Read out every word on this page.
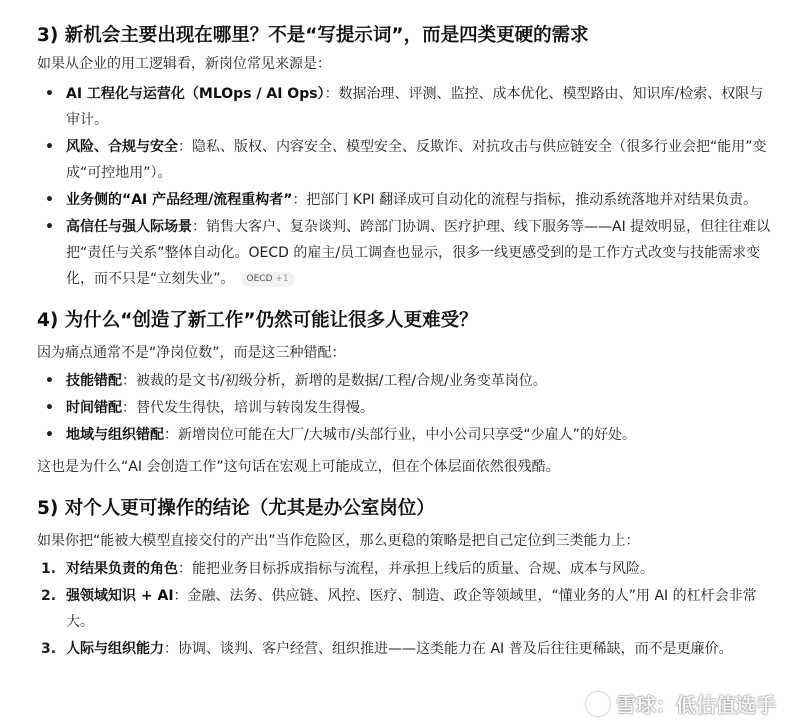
3) 新机会主要出现在哪里？不是“写提示词”，而是四类更硬的需求

如果从企业的用工逻辑看，新岗位常见来源是：

• AI 工程化与运营化（MLOps / AI Ops）：数据治理、评测、监控、成本优化、模型路由、知识库/检索、权限与审计。
• 风险、合规与安全：隐私、版权、内容安全、模型安全、反欺诈、对抗攻击与供应链安全（很多行业会把“能用”变成“可控地用”）。
• 业务侧的“AI 产品经理/流程重构者”：把部门 KPI 翻译成可自动化的流程与指标，推动系统落地并对结果负责。
• 高信任与强人际场景：销售大客户、复杂谈判、跨部门协调、医疗护理、线下服务等——AI 提效明显，但往往难以把“责任与关系”整体自动化。OECD 的雇主/员工调查也显示，很多一线更感受到的是工作方式改变与技能需求变化，而不只是“立刻失业”。 OECD +1
4) 为什么“创造了新工作”仍然可能让很多人更难受？

因为痛点通常不是“净岗位数”，而是这三种错配：

• 技能错配：被裁的是文书/初级分析，新增的是数据/工程/合规/业务变革岗位。
• 时间错配：替代发生得快，培训与转岗发生得慢。
• 地域与组织错配：新增岗位可能在大厂/大城市/头部行业，中小公司只享受“少雇人”的好处。

这也是为什么“AI 会创造工作”这句话在宏观上可能成立，但在个体层面依然很残酷。

5) 对个人更可操作的结论（尤其是办公室岗位）

如果你把“能被大模型直接交付的产出”当作危险区，那么更稳的策略是把自己定位到三类能力上：

1. 对结果负责的角色：能把业务目标拆成指标与流程，并承担上线后的质量、合规、成本与风险。
2. 强领域知识 + AI：金融、法务、供应链、风控、医疗、制造、政企等领域里，“懂业务的人”用 AI 的杠杆会非常大。
3. 人际与组织能力：协调、谈判、客户经营、组织推进——这类能力在 AI 普及后往往更稀缺，而不是更廉价。
雪球：低估值选手
